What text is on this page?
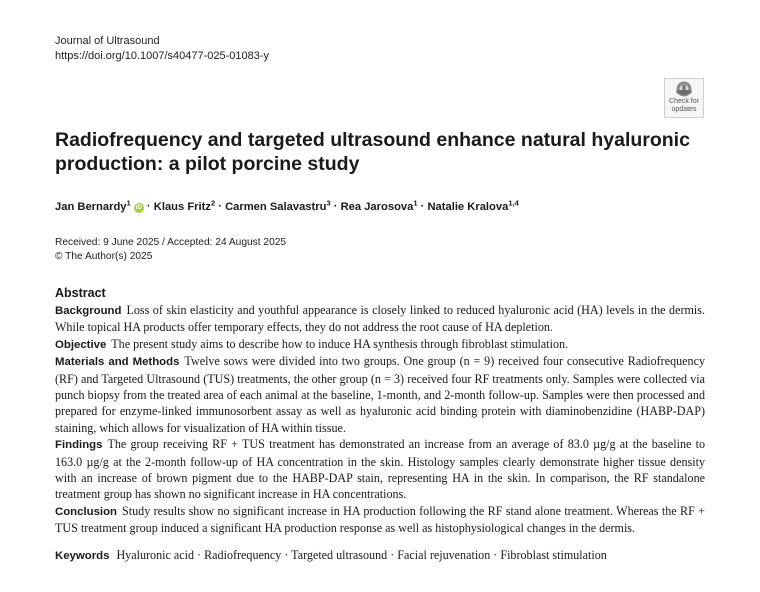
Journal of Ultrasound
https://doi.org/10.1007/s40477-025-01083-y
Check for
updates
Radiofrequency and targeted ultrasound enhance natural hyaluronic production: a pilot porcine study
Jan Bernardy$^1$ iD · Klaus Fritz$^2$ · Carmen Salavastru$^3$ · Rea Jarosova$^1$ · Natalie Kralova$^{1,4}$
Received: 9 June 2025 / Accepted: 24 August 2025
© The Author(s) 2025
Abstract

Background Loss of skin elasticity and youthful appearance is closely linked to reduced hyaluronic acid (HA) levels in the dermis. While topical HA products offer temporary effects, they do not address the root cause of HA depletion.

Objective The present study aims to describe how to induce HA synthesis through fibroblast stimulation.

Materials and Methods Twelve sows were divided into two groups. One group (n = 9) received four consecutive Radiofrequency (RF) and Targeted Ultrasound (TUS) treatments, the other group (n = 3) received four RF treatments only. Samples were collected via punch biopsy from the treated area of each animal at the baseline, 1-month, and 2-month follow-up. Samples were then processed and prepared for enzyme-linked immunosorbent assay as well as hyaluronic acid binding protein with diaminobenzidine (HABP-DAP) staining, which allows for visualization of HA within tissue.

Findings The group receiving RF + TUS treatment has demonstrated an increase from an average of 83.0 µg/g at the baseline to 163.0 µg/g at the 2-month follow-up of HA concentration in the skin. Histology samples clearly demonstrate higher tissue density with an increase of brown pigment due to the HABP-DAP stain, representing HA in the skin. In comparison, the RF standalone treatment group has shown no significant increase in HA concentrations.

Conclusion Study results show no significant increase in HA production following the RF stand alone treatment. Whereas the RF + TUS treatment group induced a significant HA production response as well as histophysiological changes in the dermis.

Keywords Hyaluronic acid · Radiofrequency · Targeted ultrasound · Facial rejuvenation · Fibroblast stimulation
